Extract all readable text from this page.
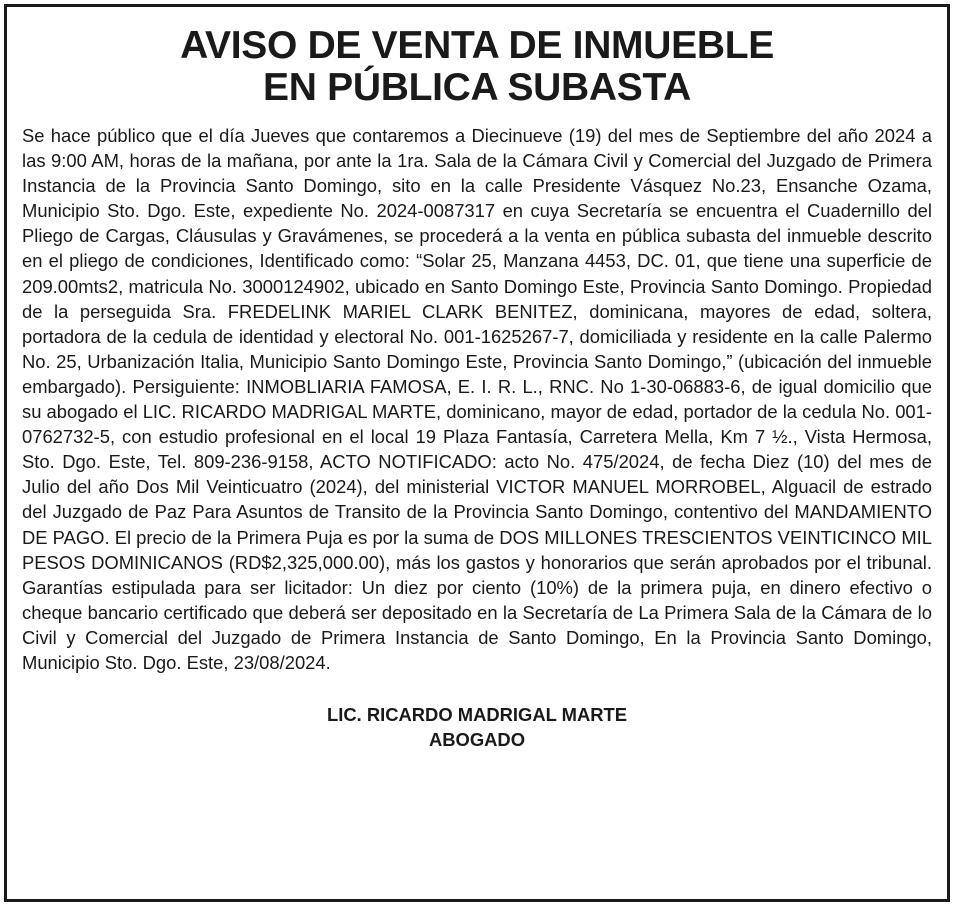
AVISO DE VENTA DE INMUEBLE
EN PÚBLICA SUBASTA

Se hace público que el día Jueves que contaremos a Diecinueve (19) del mes de Septiembre del año 2024 a las 9:00 AM, horas de la mañana, por ante la 1ra. Sala de la Cámara Civil y Comercial del Juzgado de Primera Instancia de la Provincia Santo Domingo, sito en la calle Presidente Vásquez No.23, Ensanche Ozama, Municipio Sto. Dgo. Este, expediente No. 2024-0087317 en cuya Secretaría se encuentra el Cuadernillo del Pliego de Cargas, Cláusulas y Gravámenes, se procederá a la venta en pública subasta del inmueble descrito en el pliego de condiciones, Identificado como: “Solar 25, Manzana 4453, DC. 01, que tiene una superficie de 209.00mts2, matricula No. 3000124902, ubicado en Santo Domingo Este, Provincia Santo Domingo. Propiedad de la perseguida Sra. FREDELINK MARIEL CLARK BENITEZ, dominicana, mayores de edad, soltera, portadora de la cedula de identidad y electoral No. 001-1625267-7, domiciliada y residente en la calle Palermo No. 25, Urbanización Italia, Municipio Santo Domingo Este, Provincia Santo Domingo,” (ubicación del inmueble embargado). Persiguiente: INMOBLIARIA FAMOSA, E. I. R. L., RNC. No 1-30-06883-6, de igual domicilio que su abogado el LIC. RICARDO MADRIGAL MARTE, dominicano, mayor de edad, portador de la cedula No. 001-0762732-5, con estudio profesional en el local 19 Plaza Fantasía, Carretera Mella, Km 7 ½., Vista Hermosa, Sto. Dgo. Este, Tel. 809-236-9158, ACTO NOTIFICADO: acto No. 475/2024, de fecha Diez (10) del mes de Julio del año Dos Mil Veinticuatro (2024), del ministerial VICTOR MANUEL MORROBEL, Alguacil de estrado del Juzgado de Paz Para Asuntos de Transito de la Provincia Santo Domingo, contentivo del MANDAMIENTO DE PAGO. El precio de la Primera Puja es por la suma de DOS MILLONES TRESCIENTOS VEINTICINCO MIL PESOS DOMINICANOS (RD$2,325,000.00), más los gastos y honorarios que serán aprobados por el tribunal. Garantías estipulada para ser licitador: Un diez por ciento (10%) de la primera puja, en dinero efectivo o cheque bancario certificado que deberá ser depositado en la Secretaría de La Primera Sala de la Cámara de lo Civil y Comercial del Juzgado de Primera Instancia de Santo Domingo, En la Provincia Santo Domingo, Municipio Sto. Dgo. Este, 23/08/2024.

LIC. RICARDO MADRIGAL MARTE
ABOGADO
